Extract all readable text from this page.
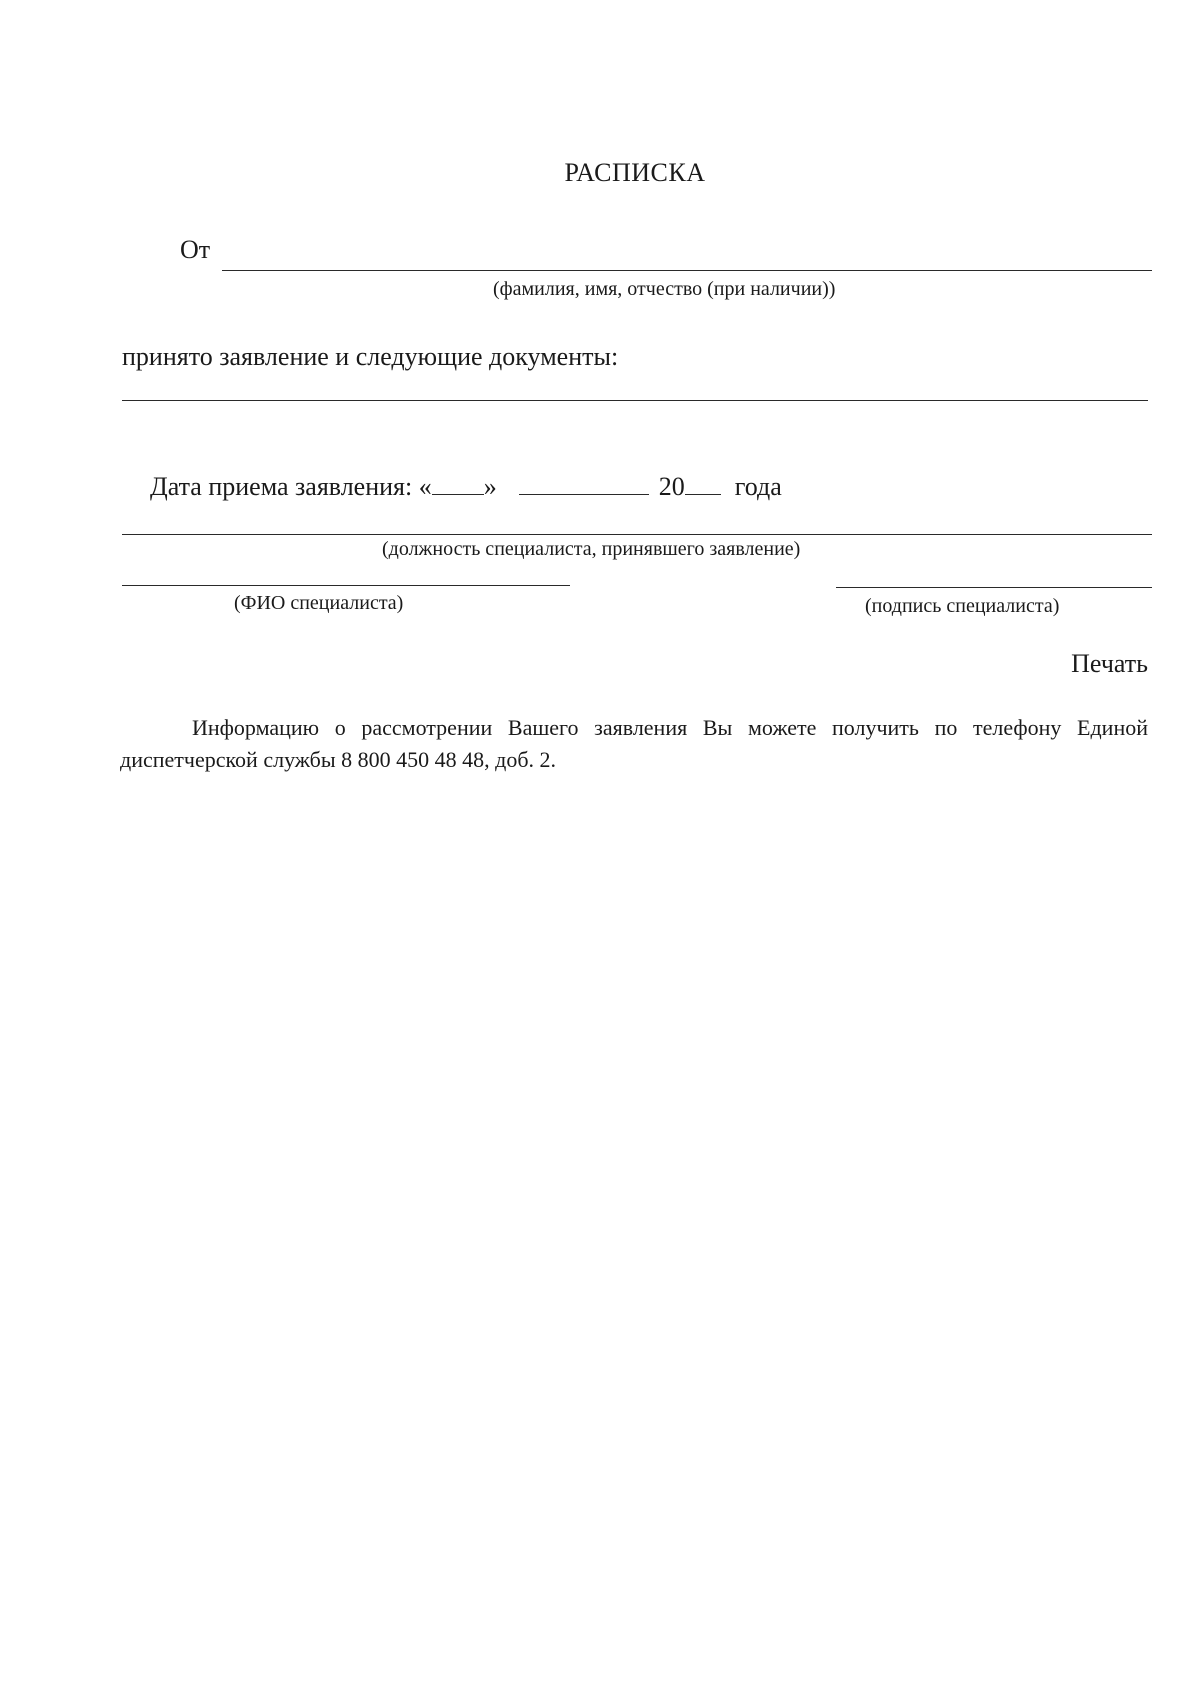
РАСПИСКА
От
(фамилия, имя, отчество (при наличии))
принято заявление и следующие документы:

Дата приема заявления: « »	20 года

(должность специалиста, принявшего заявление)
(ФИО специалиста)	(подпись специалиста)
Печать
Информацию о рассмотрении Вашего заявления Вы можете получить по телефону Единой диспетчерской службы 8 800 450 48 48, доб. 2.
